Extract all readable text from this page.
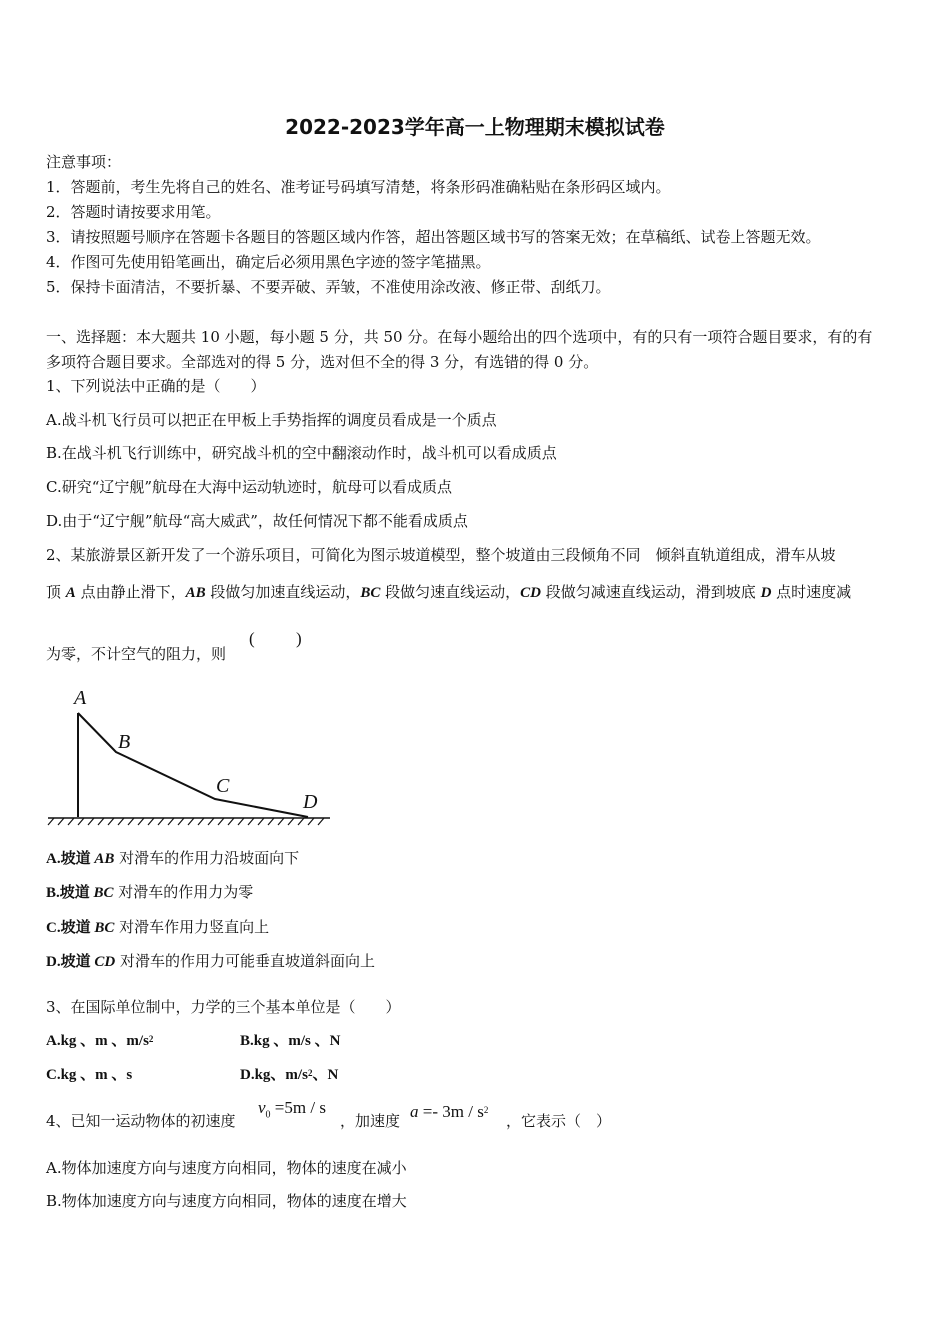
2022-2023学年高一上物理期末模拟试卷
注意事项：
1．答题前，考生先将自己的姓名、准考证号码填写清楚，将条形码准确粘贴在条形码区域内。
2．答题时请按要求用笔。
3．请按照题号顺序在答题卡各题目的答题区域内作答，超出答题区域书写的答案无效；在草稿纸、试卷上答题无效。
4．作图可先使用铅笔画出，确定后必须用黑色字迹的签字笔描黑。
5．保持卡面清洁，不要折暴、不要弄破、弄皱，不准使用涂改液、修正带、刮纸刀。
一、选择题：本大题共 10 小题，每小题 5 分，共 50 分。在每小题给出的四个选项中，有的只有一项符合题目要求，有的有
多项符合题目要求。全部选对的得 5 分，选对但不全的得 3 分，有选错的得 0 分。
1、下列说法中正确的是（　　）
A.战斗机飞行员可以把正在甲板上手势指挥的调度员看成是一个质点
B.在战斗机飞行训练中，研究战斗机的空中翻滚动作时，战斗机可以看成质点
C.研究“辽宁舰”航母在大海中运动轨迹时，航母可以看成质点
D.由于“辽宁舰”航母“高大威武”，故任何情况下都不能看成质点
2、某旅游景区新开发了一个游乐项目，可简化为图示坡道模型，整个坡道由三段倾角不同　倾斜直轨道组成，滑车从坡
顶 A 点由静止滑下，AB 段做匀加速直线运动，BC 段做匀速直线运动，CD 段做匀减速直线运动，滑到坡底 D 点时速度减
为零，不计空气的阻力，则
( )
A
B
C
D
A.坡道 AB 对滑车的作用力沿坡面向下
B.坡道 BC 对滑车的作用力为零
C.坡道 BC 对滑车作用力竖直向上
D.坡道 CD 对滑车的作用力可能垂直坡道斜面向上
3、在国际单位制中，力学的三个基本单位是（　　）
A.kg 、m 、$m/s^2$	B.kg 、m/s 、N
C.kg 、m 、s	D.kg、$m/s^2$、N
4、已知一运动物体的初速度
$v_0 =5m / s$
，加速度 $a =- 3m / s^2$
，它表示（　）
A.物体加速度方向与速度方向相同，物体的速度在减小
B.物体加速度方向与速度方向相同，物体的速度在增大
